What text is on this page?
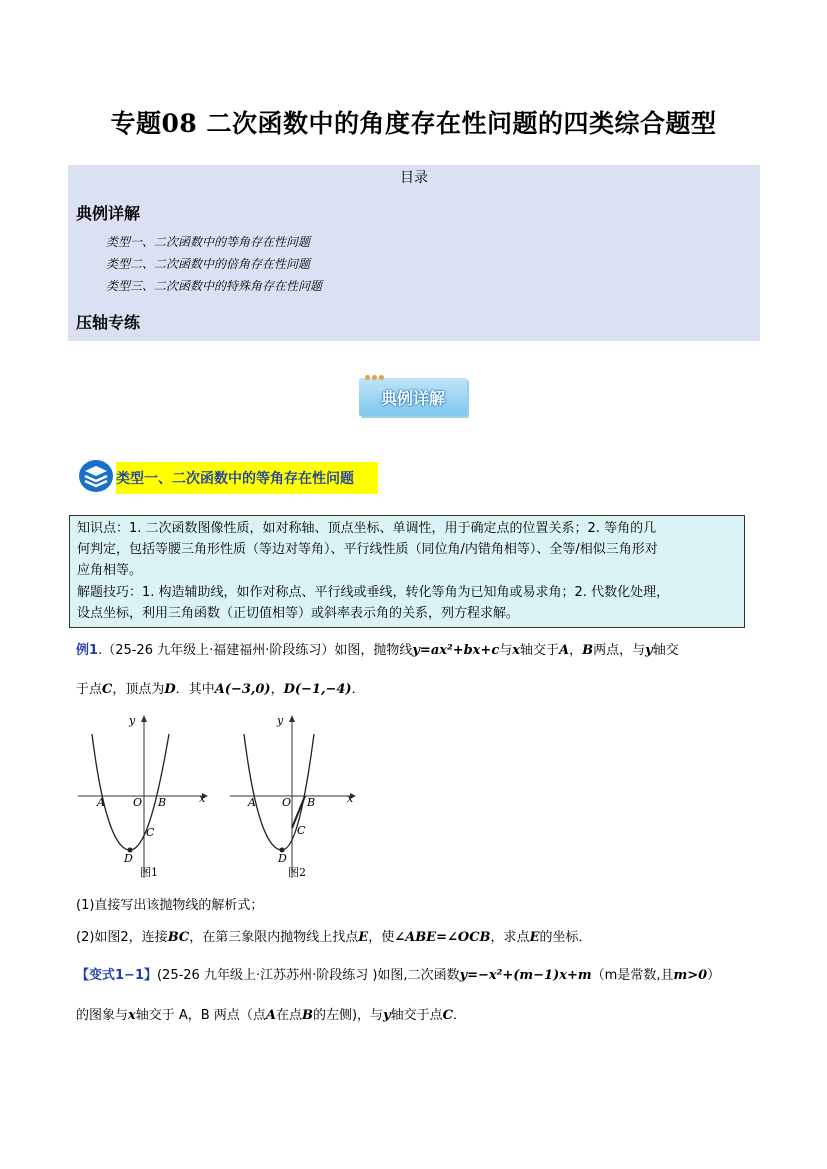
专题08 二次函数中的角度存在性问题的四类综合题型
目录
典例详解
类型一、二次函数中的等角存在性问题
类型二、二次函数中的倍角存在性问题
类型三、二次函数中的特殊角存在性问题
压轴专练
典例详解
类型一、二次函数中的等角存在性问题
知识点：1. 二次函数图像性质，如对称轴、顶点坐标、单调性，用于确定点的位置关系；2. 等角的几
何判定，包括等腰三角形性质（等边对等角）、平行线性质（同位角/内错角相等）、全等/相似三角形对
应角相等。
解题技巧：1. 构造辅助线，如作对称点、平行线或垂线，转化等角为已知角或易求角；2. 代数化处理，
设点坐标，利用三角函数（正切值相等）或斜率表示角的关系，列方程求解。
例1.（25-26 九年级上·福建福州·阶段练习）如图，抛物线y=ax²+bx+c与x轴交于A，B两点，与y轴交
于点C，顶点为D．其中A(−3,0)，D(−1,−4)．
x
y
O
A	B
C
D
图1
x
y
O
A	B
C
D
图2
(1)直接写出该抛物线的解析式；
(2)如图2，连接BC，在第三象限内抛物线上找点E，使∠ABE=∠OCB，求点E的坐标．
【变式1−1】(25-26 九年级上·江苏苏州·阶段练习 )如图,二次函数y=−x²+(m−1)x+m（m是常数,且m>0）
的图象与x轴交于 A，B 两点（点A在点B的左侧)，与y轴交于点C．
